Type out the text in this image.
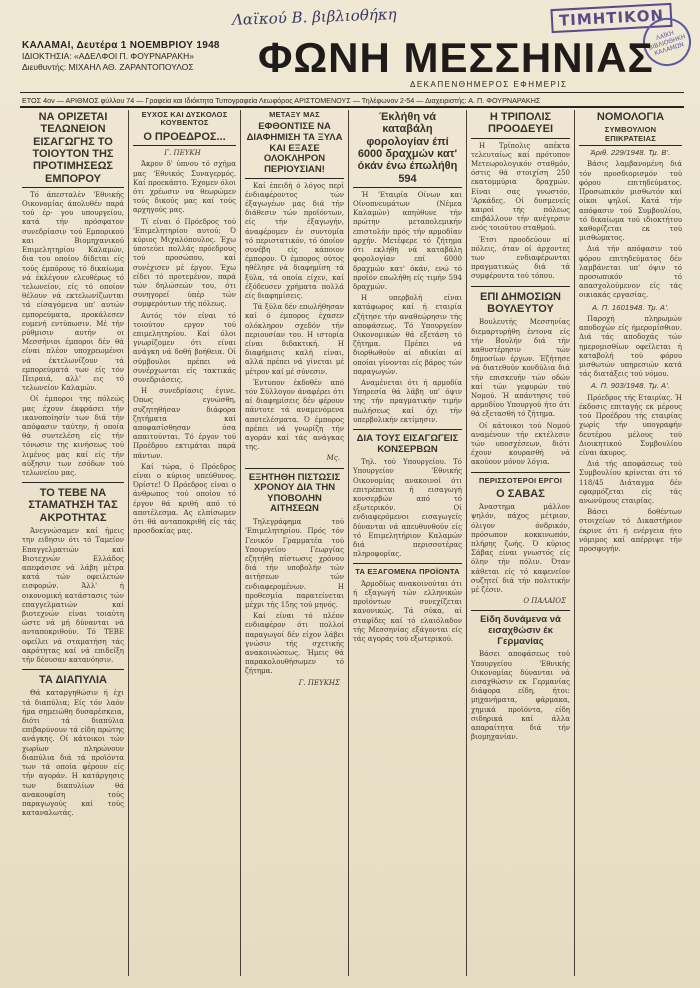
Λαϊκού Β. βιβλιοθήκη	ΤΙΜΗΤΙΚΟΝ
ΛΑΪΚΗ ΒΙΒΛΙΟΘΗΚΗ ΚΑΛΑΜΩΝ
ΚΑΛΑΜΑΙ, Δευτέρα 1 ΝΟΕΜΒΡΙΟΥ 1948
ΙΔΙΟΚΤΗΣΙΑ: «ΑΔΕΛΦΟΙ Π. ΦΟΥΡΝΑΡΑΚΗ»
Διευθυντής: ΜΙΧΑΗΛ ΑΘ. ΖΑΡΑΝΤΟΠΟΥΛΟΣ	ΦΩΝΗ ΜΕΣΣΗΝΙΑΣ
ΔΕΚΑΠΕΝΘΗΜΕΡΟΣ ΕΦΗΜΕΡΙΣ
ΕΤΟΣ 4ον — ΑΡΙΘΜΟΣ φύλλου 74 — Γραφεία και Ιδιόκτητα Τυπογραφεία Λεωφόρος ΑΡΙΣΤΟΜΕΝΟΥΣ — Τηλέφωνον 2-54 — Διαχειριστής: Α. Π. ΦΟΥΡΝΑΡΑΚΗΣ
ΝΑ ΟΡΙΖΕΤΑΙ ΤΕΛΩΝΕΙΟΝ ΕΙΣΑΓΩΓΗΣ ΤΟ ΤΟΙΟΥΤΟΝ ΤΗΣ ΠΡΟΤΙΜΗΣΕΩΣ ΕΜΠΟΡΟΥ

Τό άπεσταλέν 'Εθνικής Οικονομίας άπολυθέν παρά τού έρ- γου υπουργείου, κατά τήν πρόσφατον συνεδρίασιν τού Εμπορικού και Βιομηχανικού Επιμελητηρίου Καλαμών, δια του οποίου δίδεται είς τούς έμπόρους τό δικαίωμα νά έκλέγουν ελευθέρως τό τελωνείον, είς τό οποίον θέλουν νά εκτελωνίζωνται τά είσαγόμενα υπ' αυτών εμπορεύματα, προκάλεσεν ευμενή εντύπωσιν. Μέ τήν ρύθμισιν αυτήν οι Μεσσήνιοι έμποροι δέν θά είναι πλέον υποχρεωμένοι νά έκτελωνίζουν τά εμπορεύματά των είς τόν Πειραιά, αλλ' εις τό τελωνείον Καλαμών.

Οί έμποροι της πόλεώς μας έχουν έκφράσει τήν ικανοποίησίν των διά τήν απόφασιν ταύτην, ή οποία θά συντελέση είς τήν τόνωσιν της κινήσεως τού λιμένος μας καί είς τήν αύξησιν των εσόδων τού τελωνείου μας.

ΤΟ ΤΕΒΕ ΝΑ ΣΤΑΜΑΤΗΣΗ ΤΑΣ ΑΚΡΟΤΗΤΑΣ

Άνεγνώσαμεν καί ήμεις την ειδησιν ότι τό Ταμείον Επαγγελματιών καί Βιοτεχνών Ελλάδος απεφάσισε νά λάβη μέτρα κατά τών οφειλετών εισφορών. Άλλ' ή οικονομική κατάστασις τών επαγγελματιών καί βιοτεχνών είναι τοιαύτη ώστε νά μή δύνανται νά ανταποκριθούν. Τό ΤΕΒΕ οφείλει νά σταματήση τάς ακρότητας καί νά επιδείξη τήν δέουσαν κατανόησιν.

ΤΑ ΔΙΑΠΥΛΙΑ

Θά καταργηθώσιν ή έχι τά διαπύλια; Είς τόν λαόν ήμα σημειώθη δυσαρέσκεια, διότι τά διαπύλια επιβαρύνουν τά είδη πρώτης ανάγκης. Οί κάτοικοι τών χωρίων πληρώνουν διαπύλια διά τά προϊόντα των τά οποία φέρουν είς τήν αγοράν. Η κατάργησις των διαπυλίων θά ανακουφίση τούς παραγωγούς καί τούς καταναλωτάς.

ΕΥΧΟΣ ΚΑΙ ΔΥΣΚΟΛΟΣ ΚΟΥΒΕΝΤΟΣ
Ο ΠΡΟΕΔΡΟΣ...
Γ. ΠΕΥΚΗ

Άκρον δ' ύπνου τό σχήμα μας 'Εθνικός Συναγερμός. Καί προεκάπτο. Έχομεν όλοι ότι χρέωσιν να θεωρώμεν τούς δικούς μας καί τούς αρχηγούς μας.

Τί είναι ό Πρόεδρος τού 'Επιμελητηρίου αυτού; Ό κύριος Μιχαλόπουλος. Έχω ύποτεύει πολλάς πρόεδρους τού προσώπου, καί συνέχισεν μέ έργον. Έχω είδει τό προτεμένον, παρά τών δηλώσεών του, ότι συνηγορεί ύπέρ τών συμφερόντων τής πόλεως.

Αυτός τόν είναι τό τοιούτον εργον τού επιμελητηρίου. Καί όλοι γνωρίζομεν ότι είναι ανάγκη νά δοθή βοήθεια. Οί σύμβουλοι πρέπει νά συνέρχωνται είς τακτικάς συνεδριάσεις.

Η συνεδρίασις έγινε. Όπως εγνώσθη, συζητηθήσαν διάφορα ζητήματα καί αποφασίσθησαν όσα απαιτούνται. Τό έργον τού Προέδρου εκτιμάται παρά πάντων.

Καί τώρα, ό Πρόεδρος είναι ο κύριος υπεύθυνος. Όρίστε! Ό Πρόεδρος είναι ο άνθρωπος τού οποίου τό έργον θά κριθή από τό αποτέλεσμα. Ας ελπίσωμεν ότι θά ανταποκριθή είς τάς προσδοκίας μας.

ΜΕΤΑΞΥ ΜΑΣ
ΕΦΘΟΝΤΙΣΕ ΝΑ ΔΙΑΦΗΜΙΣΗ ΤΑ ΞΥΛΑ ΚΑΙ ΕΞΑΣΕ ΟΛΟΚΛΗΡΟΝ ΠΕΡΙΟΥΣΙΑΝ!

Καί έπειδή ό λόγος περί ένδιαφέροντος τών έξαγωγέων μας διά τήν διάθεσιν τών προϊόντων, είς τήν έξαγωγήν, άναφέρομεν έν συντομία τό περιστατικόν, τό όποίον συνέβη είς κάποιον έμπορον. Ό έμπορος ούτος ηθέλησε νά διαφημίση τά ξύλα, τά οποία είχεν, καί έξόδευσεν χρήματα πολλά είς διαφημίσεις.

Τά ξύλα δέν επωλήθησαν καί ό έμπορος έχασεν ολόκληρον σχεδόν τήν περιουσίαν του. Η ιστορία είναι διδακτική. Η διαφήμισις καλή είναι, αλλά πρέπει νά γίνεται μέ μέτρον καί μέ σύνεσιν.

Έντυπον έκδοθέν από τόν Σύλλογον άναφέρει ότι αί διαφημίσεις δέν φέρουν πάντοτε τά αναμενόμενα αποτελέσματα. Ό έμπορος πρέπει νά γνωρίζη τήν αγοράν καί τάς ανάγκας της.

Μς.
ΕΞΗΤΗΘΗ ΠΙΣΤΩΣΙΣ ΧΡΟΝΟΥ ΔΙΑ ΤΗΝ ΥΠΟΒΟΛΗΝ ΑΙΤΗΣΕΩΝ

Τηλεγράφημα τού 'Επιμελητηρίου. Πρός τόν Γενικόν Γραμματέα τού Υπουργείου Γεωργίας εζητήθη πίστωσις χρόνου διά τήν υποβολήν τών αιτήσεων τών ενδιαφερομένων. Η προθεσμία παρατείνεται μέχρι τής 15ης τού μηνός.

Καί είναι τό πλέον ενδιαφέρον ότι πολλοί παραγωγοί δέν είχον λάβει γνώσιν τής σχετικής ανακοινώσεως. Ήμεις θά παρακολουθήσωμεν τό ζήτημα.

Γ. ΠΕΥΚΗΣ
Έκλήθη νά καταβάλη φορολογίαν έπί 6000 δραχμών κατ' όκάν ένω έπωλήθη 594

Ή 'Εταιρία Οίνων και Οίνοπνευμάτων (Νέμεα Καλαμών) απηύθυνε τήν πρώτην μεταπολεμικήν επιστολήν πρός τήν αρμοδίαν αρχήν. Μετέφερε τό ζήτημα ότι εκλήθη νά καταβάλη φορολογίαν επί 6000 δραχμών κατ' όκάν, ενώ τό προϊόν επωλήθη είς τιμήν 594 δραχμών.

Η υπερβολή είναι κατάφωρος καί ή εταιρία εζήτησε τήν αναθεώρησιν τής αποφάσεως. Τό Υπουργείον Οικονομικών θά εξετάση τό ζήτημα. Πρέπει νά διορθωθούν αί αδικίαι αί οποίαι γίνονται είς βάρος τών παραγωγών.

Αναμένεται ότι ή αρμοδία Υπηρεσία θά λάβη υπ' όψιν της τήν πραγματικήν τιμήν πωλήσεως καί όχι τήν υπερβολικήν εκτίμησιν.

ΔΙΑ ΤΟΥΣ ΕΙΣΑΓΩΓΕΙΣ ΚΟΝΣΕΡΒΩΝ

Τηλ. τού Υπουργείου. Τό Υπουργείον 'Εθνικής Οικονομίας ανακοινοί ότι επιτρέπεται ή εισαγωγή κονσερβών από τό εξωτερικόν. Οί ενδιαφερόμενοι εισαγωγείς δύνανται νά απευθυνθούν είς τό Επιμελητήριον Καλαμών διά περισσοτέρας πληροφορίας.

ΤΑ ΕΞΑΓΟΜΕΝΑ ΠΡΟΪΟΝΤΑ

Άρμοδίως ανακοινούται ότι ή εξαγωγή τών ελληνικών προϊόντων συνεχίζεται κανονικώς. Τά σύκα, αί σταφίδες καί τό ελαιόλαδον τής Μεσσηνίας εξάγονται είς τάς αγοράς τού εξωτερικού.

Η ΤΡΙΠΟΛΙΣ ΠΡΟΟΔΕΥΕΙ

Η Τρίπολις απέκτα τελευταίως καί πρότυπον Μετεωρολογικόν σταθμόν, όστις θά στοιχίση 250 εκατομμύρια δραχμών. Είναι σας γνωστόν, 'Αρκάδες. Οί δυσμενείς καιροί τής πόλεως επιβάλλουν τήν ανέγερσιν ενός τοιούτου σταθμού.

Έτσι προοδεύουν αί πόλεις, όταν οί άρχοντες των ενδιαφέρωνται πραγματικώς διά τά συμφέροντα τού τόπου.

ΕΠΙ ΔΗΜΟΣΙΩΝ ΒΟΥΛΕΥΤΟΥ

Βουλευτής Μεσσηνίας διεμαρτυρήθη έντονα είς τήν Βουλήν διά τήν καθυστέρησιν τών δημοσίων έργων. Έζήτησε νά διατεθούν κονδύλια διά τήν επισκευήν τών οδών καί τών γεφυρών τού Νομού. Ή απάντησις τού αρμοδίου Υπουργού ήτο ότι θά εξετασθή τό ζήτημα.

Οί κάτοικοι τού Νομού αναμένουν τήν εκτέλεσιν τών υποσχέσεων, διότι έχουν κουρασθή νά ακούουν μόνον λόγια.

ΠΕΡΙΣΣΟΤΕΡΟΙ ΕΡΓΟΙ
Ο ΣΑΒΑΣ

Άναστημα μάλλον ψηλόν, πάχος μέτριον, όλιγον όνδρικόν, πρόσωπον κοκκινωπόν, πλήρης ζωής. Ό κύριος Σάβας είναι γνωστός είς όλην τήν πόλιν. Όταν κάθεται είς τό καφενείον συζητεί διά τήν πολιτικήν μέ ζέσιν.

Ο ΠΑΛΑΙΟΣ
Είδη δυνάμενα νά εισαχθώσιν έκ Γερμανίας

Βάσει αποφάσεως τού Υπουργείου 'Εθνικής Οικονομίας δύνανται νά εισαχθώσιν εκ Γερμανίας διάφορα είδη, ήτοι: μηχανήματα, φάρμακα, χημικά προϊόντα, είδη σιδηρικά καί άλλα απαραίτητα διά τήν βιομηχανίαν.

ΝΟΜΟΛΟΓΙΑ
ΣΥΜΒΟΥΛΙΟΝ ΕΠΙΚΡΑΤΕΙΑΣ
Άριθ. 229/1948. Τμ. Β'.

Βάσις λαμβανομένη διά τόν προσδιορισμόν τού φόρου επιτηδεύματος. Προσωπικόν μισθωτόν καί οίκοι ψηλοί. Κατά τήν απόφασιν τού Συμβουλίου, τό δικαίωμα τού ιδιοκτήτου καθορίζεται εκ τού μισθώματος.

Διά τήν απόφασιν τού φόρου επιτηδεύματος δέν λαμβάνεται υπ' όψιν τό προσωπικόν τό απασχολούμενον είς τάς οικιακάς εργασίας.

Α. Π. 1601948. Τμ. Α'.

Παροχή πληρωμών αποδοχών είς ήμερομίσθιον. Διά τάς αποδοχάς τών ημερομισθίων οφείλεται ή καταβολή τού φόρου μισθωτών υπηρεσιών κατά τάς διατάξεις τού νόμου.

Α. Π. 903/1948. Τμ. Α'.

Πρόεδρος τής Εταιρίας. Ή έκδοσις επιταγής εκ μέρους τού Προέδρου τής εταιρίας χωρίς τήν υπογραφήν δευτέρου μέλους τού Διοικητικού Συμβουλίου είναι άκυρος.

Διά τής αποφάσεως τού Συμβουλίου κρίνεται ότι τό 118/45 Διάταγμα δέν εφαρμόζεται είς τάς ανωνύμους εταιρίας.

Βάσει δοθέντων στοιχείων τό Δικαστήριον έκρινε ότι ή ενέργεια ήτο νόμιμος καί απέρριψε τήν προσφυγήν.
